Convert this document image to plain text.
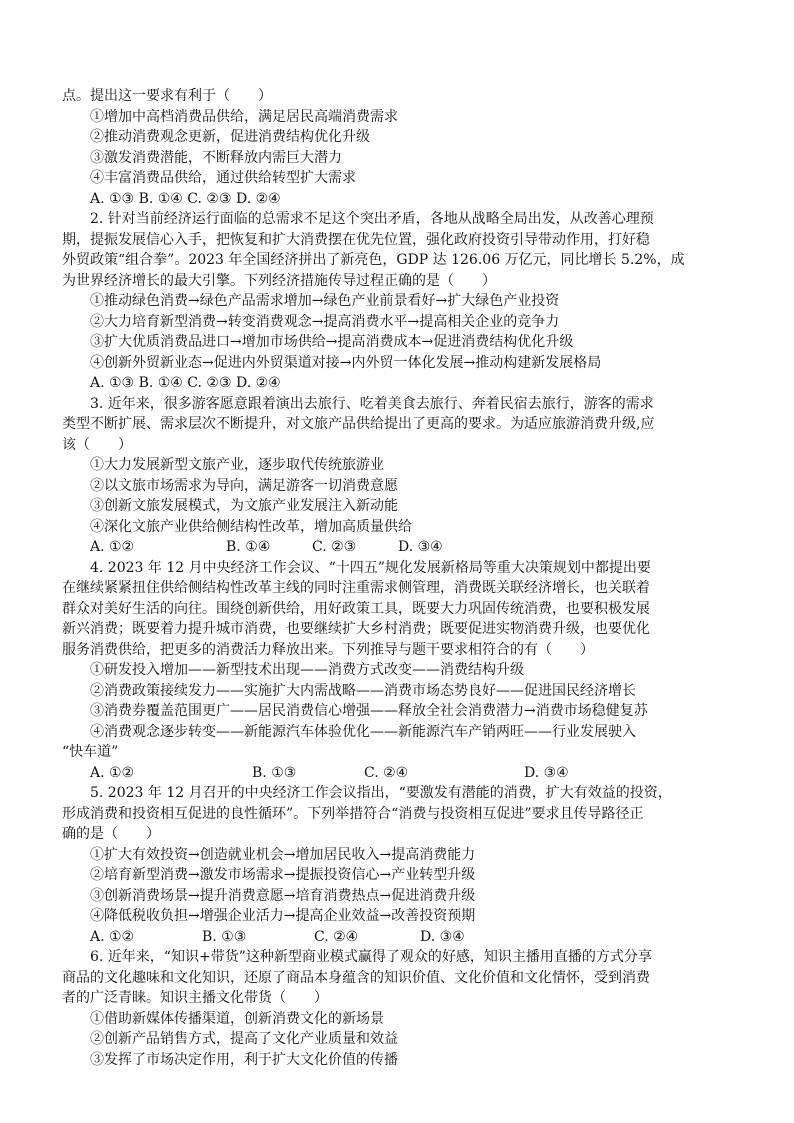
点。提出这一要求有利于（　　）
①增加中高档消费品供给，满足居民高端消费需求
②推动消费观念更新，促进消费结构优化升级
③激发消费潜能，不断释放内需巨大潜力
④丰富消费品供给，通过供给转型扩大需求
A. ①③ B. ①④ C. ②③ D. ②④
2. 针对当前经济运行面临的总需求不足这个突出矛盾，各地从战略全局出发，从改善心理预
期，提振发展信心入手，把恢复和扩大消费摆在优先位置，强化政府投资引导带动作用，打好稳
外贸政策“组合拳”。2023 年全国经济拼出了新亮色，GDP 达 126.06 万亿元，同比增长 5.2%，成
为世界经济增长的最大引擎。下列经济措施传导过程正确的是（　　）
①推动绿色消费→绿色产品需求增加→绿色产业前景看好→扩大绿色产业投资
②大力培育新型消费→转变消费观念→提高消费水平→提高相关企业的竞争力
③扩大优质消费品进口→增加市场供给→提高消费成本→促进消费结构优化升级
④创新外贸新业态→促进内外贸渠道对接→内外贸一体化发展→推动构建新发展格局
A. ①③ B. ①④ C. ②③ D. ②④
3. 近年来，很多游客愿意跟着演出去旅行、吃着美食去旅行、奔着民宿去旅行，游客的需求
类型不断扩展、需求层次不断提升，对文旅产品供给提出了更高的要求。为适应旅游消费升级,应
该（　　）
①大力发展新型文旅产业，逐步取代传统旅游业
②以文旅市场需求为导向，满足游客一切消费意愿
③创新文旅发展模式，为文旅产业发展注入新动能
④深化文旅产业供给侧结构性改革，增加高质量供给
A. ①②	B. ①④	C. ②③	D. ③④
4. 2023 年 12 月中央经济工作会议、“十四五”规化发展新格局等重大决策规划中都提出要
在继续紧紧扭住供给侧结构性改革主线的同时注重需求侧管理，消费既关联经济增长，也关联着
群众对美好生活的向往。围绕创新供给，用好政策工具，既要大力巩固传统消费，也要积极发展
新兴消费；既要着力提升城市消费，也要继续扩大乡村消费；既要促进实物消费升级，也要优化
服务消费供给，把更多的消费活力释放出来。下列推导与题干要求相符合的有（　　）
①研发投入增加——新型技术出现——消费方式改变——消费结构升级
②消费政策接续发力——实施扩大内需战略——消费市场态势良好——促进国民经济增长
③消费券覆盖范围更广——居民消费信心增强——释放全社会消费潜力→消费市场稳健复苏
④消费观念逐步转变——新能源汽车体验优化——新能源汽车产销两旺——行业发展驶入
“快车道”
A. ①②	B. ①③	C. ②④	D. ③④
5. 2023 年 12 月召开的中央经济工作会议指出，“要激发有潜能的消费，扩大有效益的投资，
形成消费和投资相互促进的良性循环”。下列举措符合“消费与投资相互促进”要求且传导路径正
确的是（　　）
①扩大有效投资→创造就业机会→增加居民收入→提高消费能力
②培育新型消费→激发市场需求→提振投资信心→产业转型升级
③创新消费场景→提升消费意愿→培育消费热点→促进消费升级
④降低税收负担→增强企业活力→提高企业效益→改善投资预期
A. ①②	B. ①③	C. ②④	D. ③④
6. 近年来，“知识+带货”这种新型商业模式赢得了观众的好感，知识主播用直播的方式分享
商品的文化趣味和文化知识，还原了商品本身蕴含的知识价值、文化价值和文化情怀，受到消费
者的广泛青睐。知识主播文化带货（　　）
①借助新媒体传播渠道，创新消费文化的新场景
②创新产品销售方式，提高了文化产业质量和效益
③发挥了市场决定作用，利于扩大文化价值的传播
